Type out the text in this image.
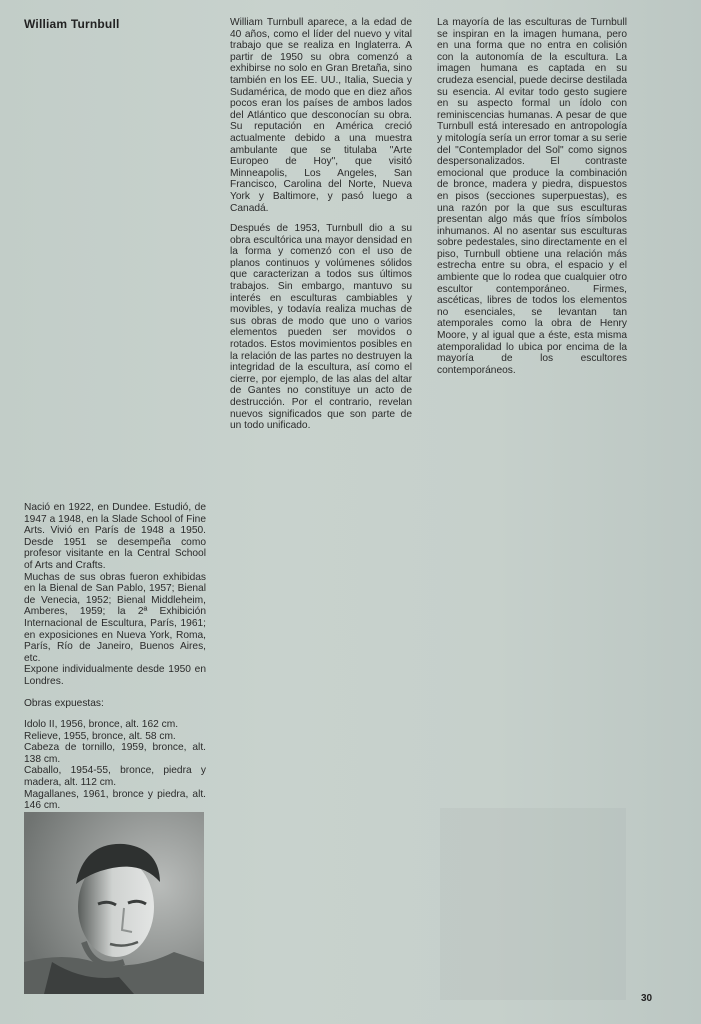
William Turnbull	William Turnbull aparece, a la edad de 40 años, como el líder del nuevo y vital trabajo que se realiza en Inglaterra. A partir de 1950 su obra comenzó a exhibirse no solo en Gran Bretaña, sino también en los EE. UU., Italia, Suecia y Sudamérica, de modo que en diez años pocos eran los países de ambos lados del Atlántico que desconocían su obra. Su reputación en América creció actualmente debido a una muestra ambulante que se titulaba "Arte Europeo de Hoy", que visitó Minneapolis, Los Angeles, San Francisco, Carolina del Norte, Nueva York y Baltimore, y pasó luego a Canadá.

Después de 1953, Turnbull dio a su obra escultórica una mayor densidad en la forma y comenzó con el uso de planos continuos y volúmenes sólidos que caracterizan a todos sus últimos trabajos. Sin embargo, mantuvo su interés en esculturas cambiables y movibles, y todavía realiza muchas de sus obras de modo que uno o varios elementos pueden ser movidos o rotados. Estos movimientos posibles en la relación de las partes no destruyen la integridad de la escultura, así como el cierre, por ejemplo, de las alas del altar de Gantes no constituye un acto de destrucción. Por el contrario, revelan nuevos significados que son parte de un todo unificado.

La mayoría de las esculturas de Turnbull se inspiran en la imagen humana, pero en una forma que no entra en colisión con la autonomía de la escultura. La imagen humana es captada en su crudeza esencial, puede decirse destilada su esencia. Al evitar todo gesto sugiere en su aspecto formal un ídolo con reminiscencias humanas. A pesar de que Turnbull está interesado en antropología y mitología sería un error tomar a su serie del "Contemplador del Sol" como signos despersonalizados. El contraste emocional que produce la combinación de bronce, madera y piedra, dispuestos en pisos (secciones superpuestas), es una razón por la que sus esculturas presentan algo más que fríos símbolos inhumanos. Al no asentar sus esculturas sobre pedestales, sino directamente en el piso, Turnbull obtiene una relación más estrecha entre su obra, el espacio y el ambiente que lo rodea que cualquier otro escultor contemporáneo. Firmes, ascéticas, libres de todos los elementos no esenciales, se levantan tan atemporales como la obra de Henry Moore, y al igual que a éste, esta misma atemporalidad lo ubica por encima de la mayoría de los escultores contemporáneos.

Nació en 1922, en Dundee. Estudió, de 1947 a 1948, en la Slade School of Fine Arts. Vivió en París de 1948 a 1950. Desde 1951 se desempeña como profesor visitante en la Central School of Arts and Crafts.
Muchas de sus obras fueron exhibidas en la Bienal de San Pablo, 1957; Bienal de Venecia, 1952; Bienal Middleheim, Amberes, 1959; la 2ª Exhibición Internacional de Escultura, París, 1961; en exposiciones en Nueva York, Roma, París, Río de Janeiro, Buenos Aires, etc.
Expone individualmente desde 1950 en Londres.

Obras expuestas:

Idolo II, 1956, bronce, alt. 162 cm.

Relieve, 1955, bronce, alt. 58 cm.

Cabeza de tornillo, 1959, bronce, alt. 138 cm.

Caballo, 1954-55, bronce, piedra y madera, alt. 112 cm.

Magallanes, 1961, bronce y piedra, alt. 146 cm.

30
